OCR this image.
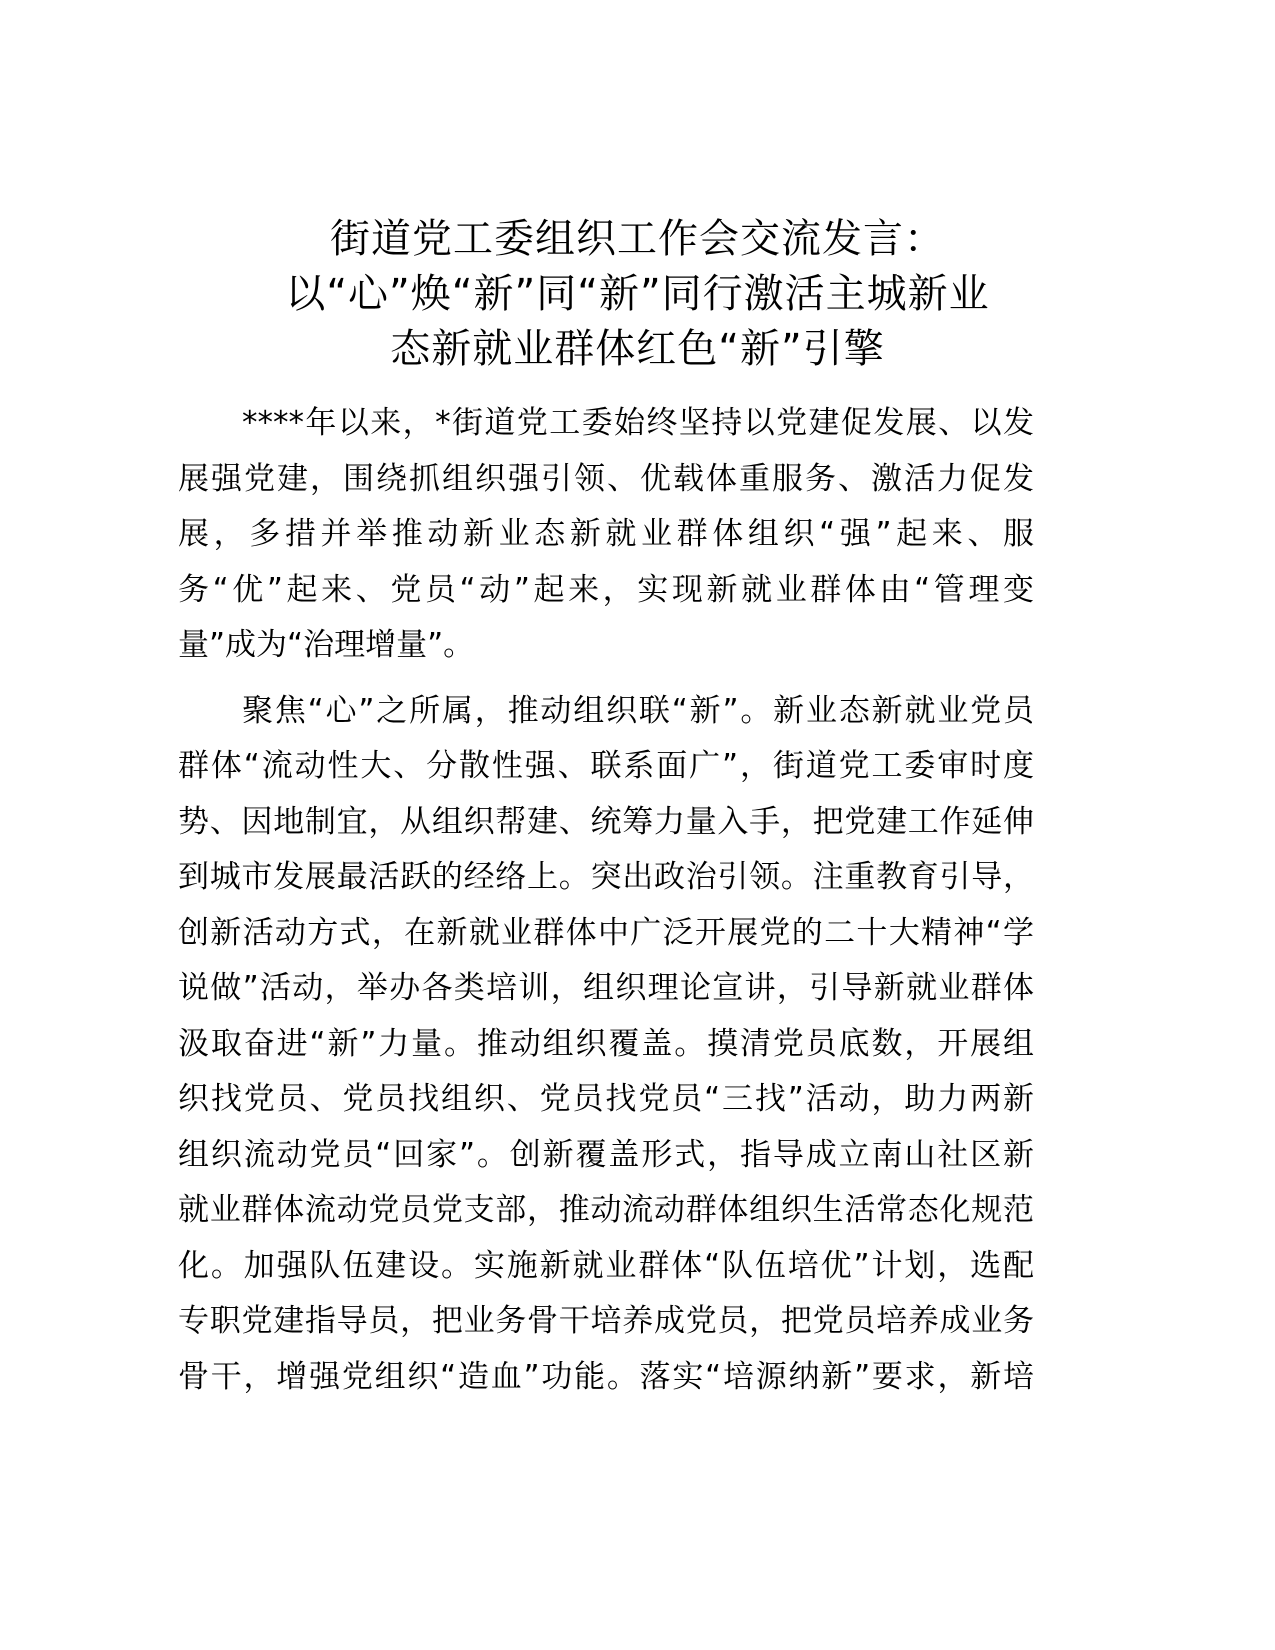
街道党工委组织工作会交流发言：
以“心”焕“新”同“新”同行激活主城新业
态新就业群体红色“新”引擎
****年以来，*街道党工委始终坚持以党建促发展、以发
展强党建，围绕抓组织强引领、优载体重服务、激活力促发
展，多措并举推动新业态新就业群体组织“强”起来、服
务“优”起来、党员“动”起来，实现新就业群体由“管理变
量”成为“治理增量”。
聚焦“心”之所属，推动组织联“新”。新业态新就业党员
群体“流动性大、分散性强、联系面广”，街道党工委审时度
势、因地制宜，从组织帮建、统筹力量入手，把党建工作延伸
到城市发展最活跃的经络上。突出政治引领。注重教育引导，
创新活动方式，在新就业群体中广泛开展党的二十大精神“学
说做”活动，举办各类培训，组织理论宣讲，引导新就业群体
汲取奋进“新”力量。推动组织覆盖。摸清党员底数，开展组
织找党员、党员找组织、党员找党员“三找”活动，助力两新
组织流动党员“回家”。创新覆盖形式，指导成立南山社区新
就业群体流动党员党支部，推动流动群体组织生活常态化规范
化。加强队伍建设。实施新就业群体“队伍培优”计划，选配
专职党建指导员，把业务骨干培养成党员，把党员培养成业务
骨干，增强党组织“造血”功能。落实“培源纳新”要求，新培
